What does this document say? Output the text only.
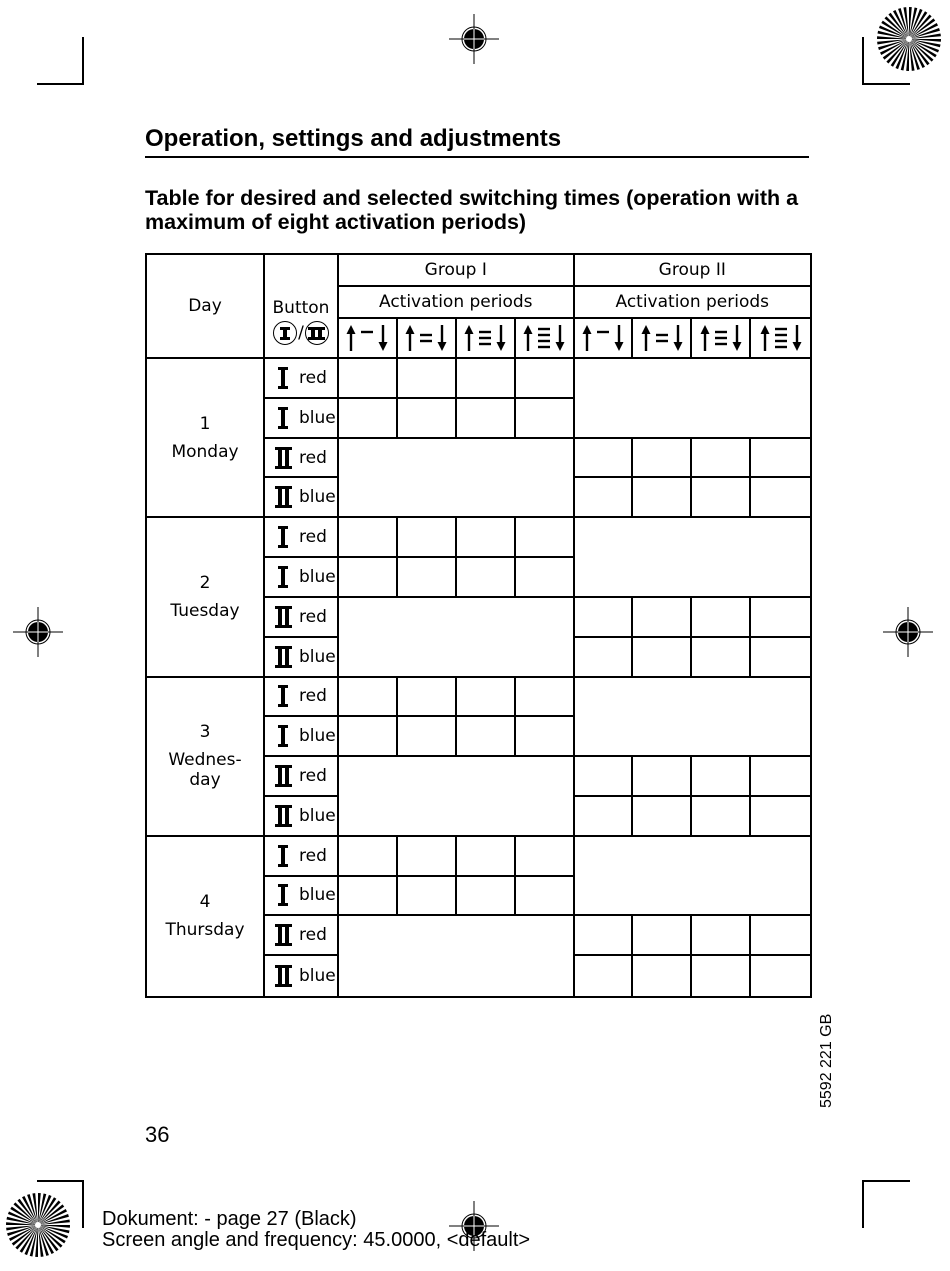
Operation, settings and adjustments
Table for desired and selected switching times (operation with a maximum of eight activation periods)
Day	Button
/
Group I
Activation periods
Group II
Activation periods
1
Monday
red
blue
red
blue
2
Tuesday
red
blue
red
blue
3
Wednes-
day
red
blue
red
blue
4
Thursday
red
blue
red
blue
36
5592 221 GB
Dokument: - page 27 (Black)
Screen angle and frequency: 45.0000, <default>
